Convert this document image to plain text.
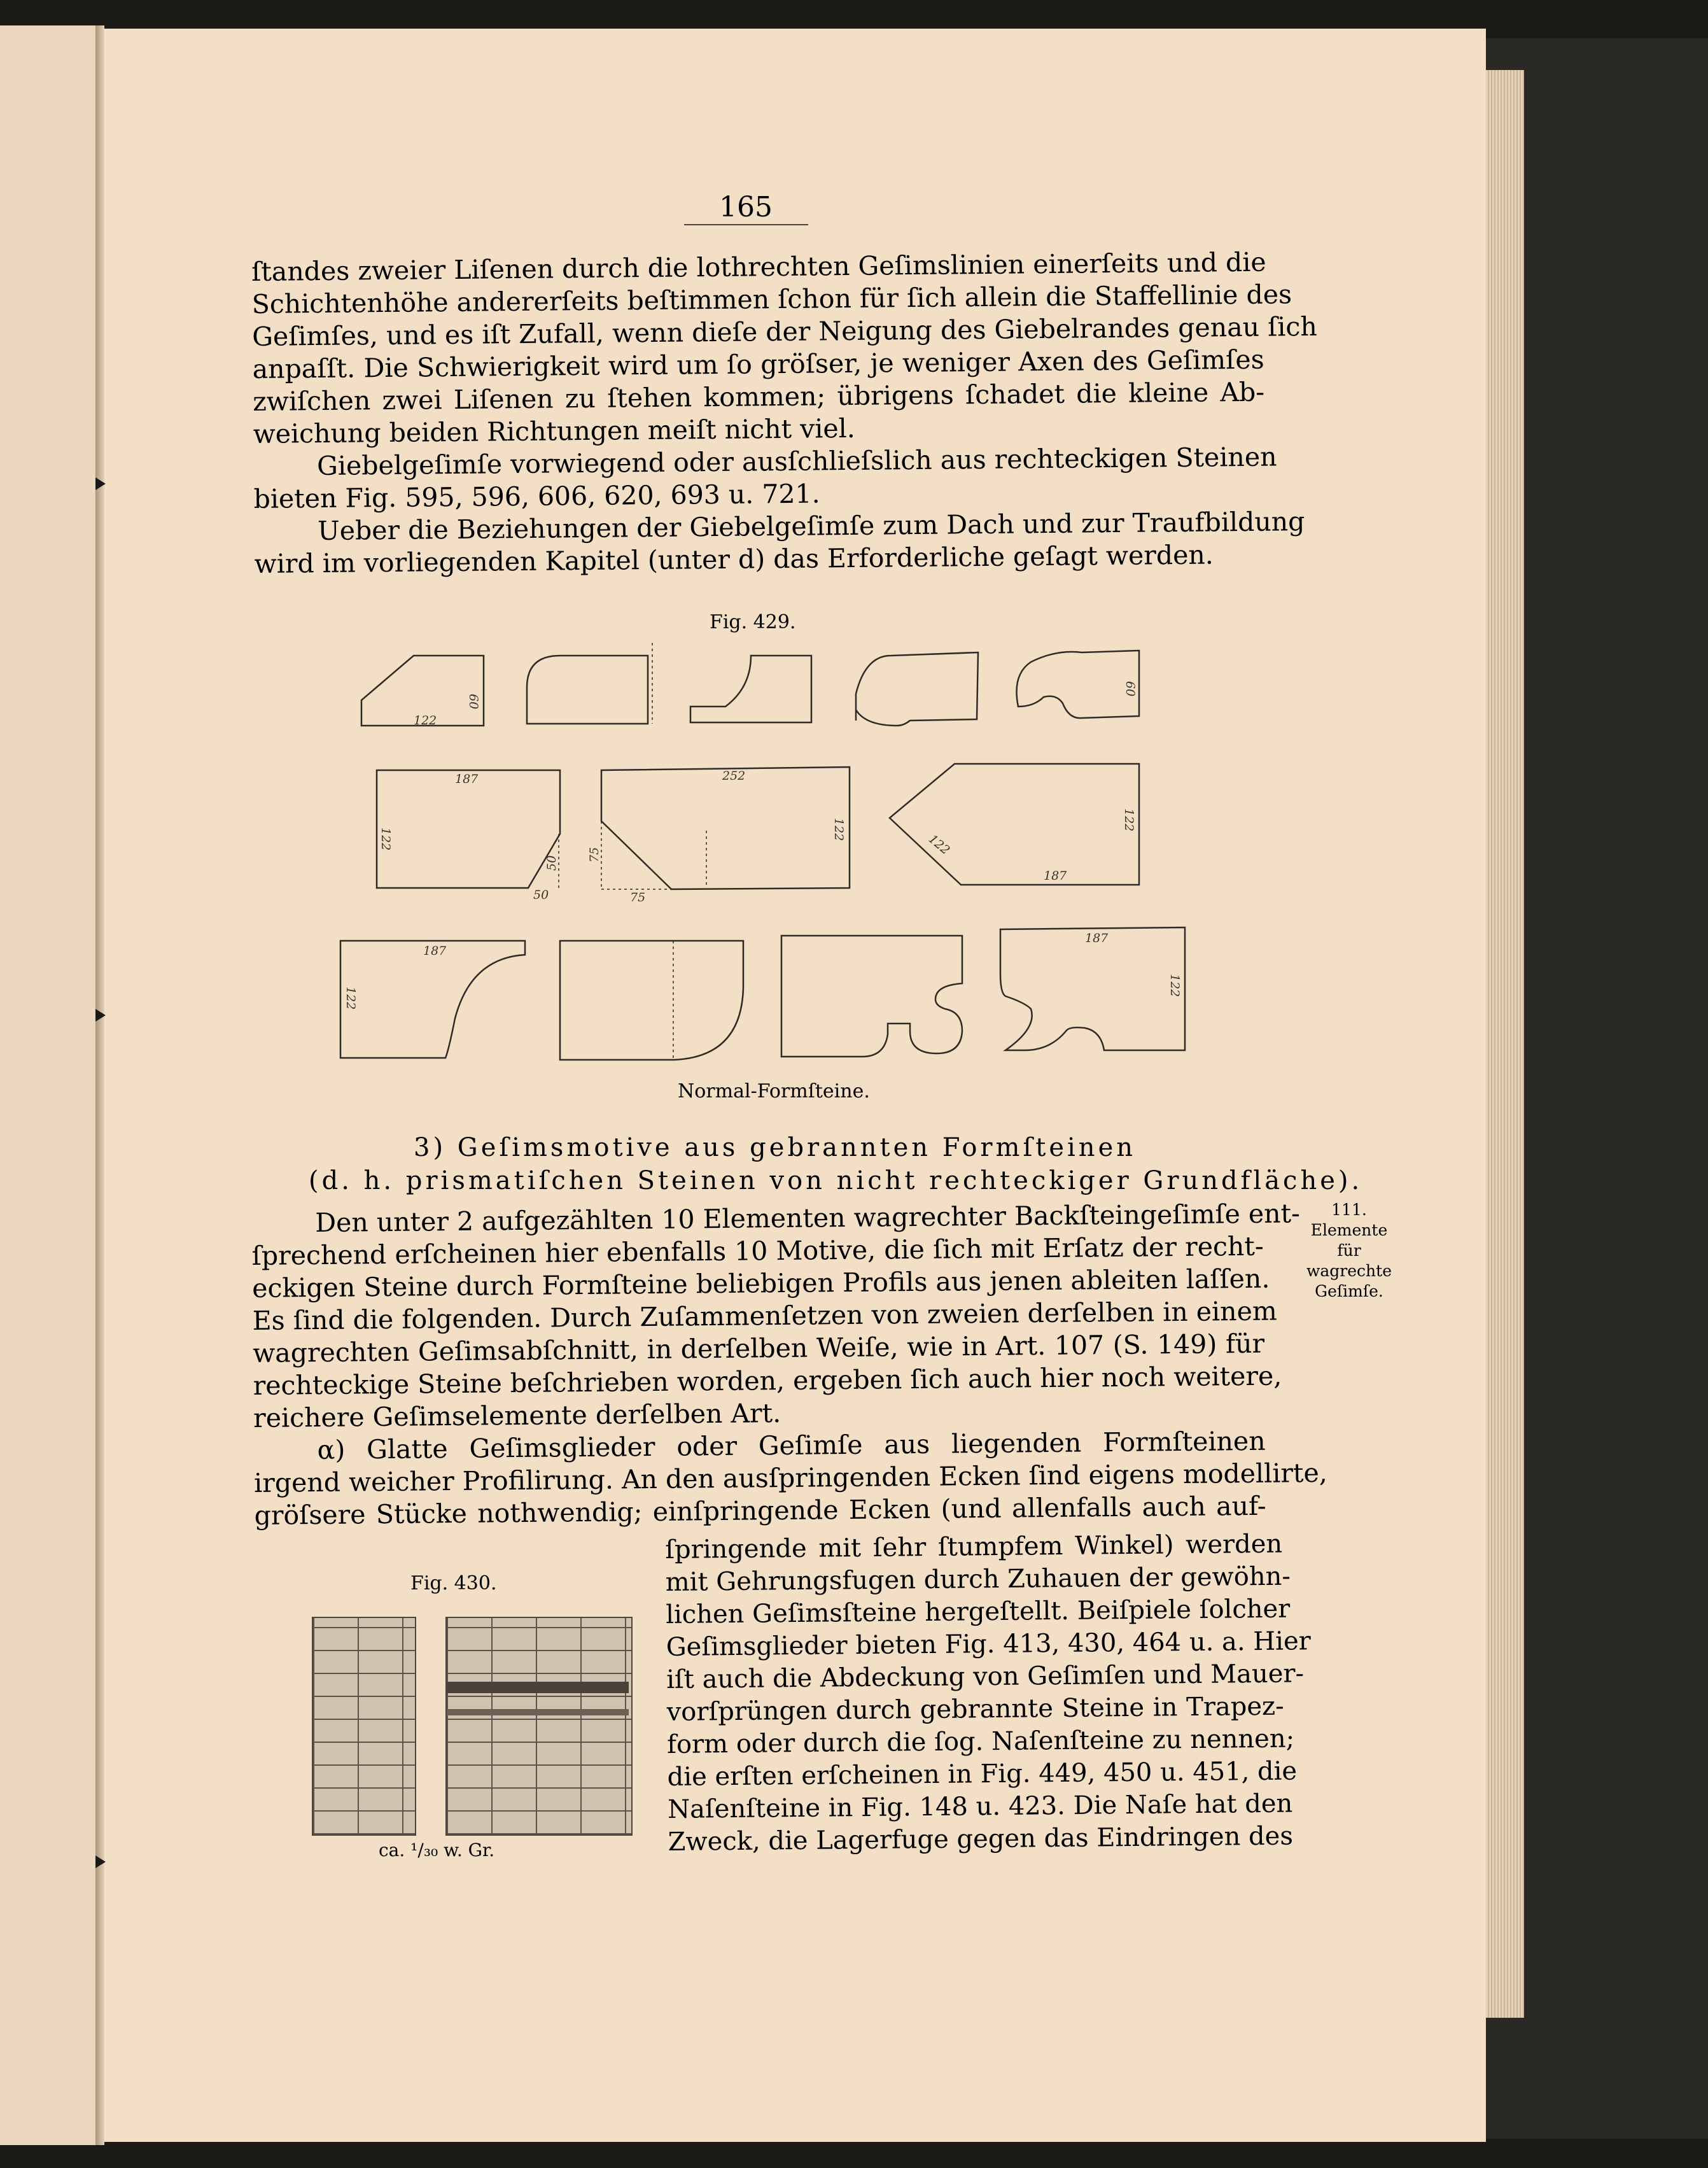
165
ſtandes zweier Liſenen durch die lothrechten Geſimslinien einerſeits und die
Schichtenhöhe andererſeits beſtimmen ſchon für ſich allein die Staffellinie des
Geſimſes, und es iſt Zufall, wenn dieſe der Neigung des Giebelrandes genau ſich
anpaſſt. Die Schwierigkeit wird um ſo gröſser, je weniger Axen des Geſimſes
zwiſchen zwei Liſenen zu ſtehen kommen; übrigens ſchadet die kleine Ab-
weichung beiden Richtungen meiſt nicht viel.
Giebelgeſimſe vorwiegend oder ausſchlieſslich aus rechteckigen Steinen
bieten Fig. 595, 596, 606, 620, 693 u. 721.
Ueber die Beziehungen der Giebelgeſimſe zum Dach und zur Traufbildung
wird im vorliegenden Kapitel (unter d) das Erforderliche geſagt werden.
Fig. 429.
60
122
60
187
122
50
50
252
75
75
122
122
122
187
187
122
187
122
Normal-Formſteine.
3) Geſimsmotive aus gebrannten Formſteinen
(d. h. prismatiſchen Steinen von nicht rechteckiger Grundfläche).
111.
Elemente
für
wagrechte
Geſimſe.
Den unter 2 aufgezählten 10 Elementen wagrechter Backſteingeſimſe ent-
ſprechend erſcheinen hier ebenfalls 10 Motive, die ſich mit Erſatz der recht-
eckigen Steine durch Formſteine beliebigen Profils aus jenen ableiten laſſen.
Es ſind die folgenden. Durch Zuſammenſetzen von zweien derſelben in einem
wagrechten Geſimsabſchnitt, in derſelben Weiſe, wie in Art. 107 (S. 149) für
rechteckige Steine beſchrieben worden, ergeben ſich auch hier noch weitere,
reichere Geſimselemente derſelben Art.
α) Glatte Geſimsglieder oder Geſimſe aus liegenden Formſteinen
irgend weicher Profilirung. An den ausſpringenden Ecken ſind eigens modellirte,
gröſsere Stücke nothwendig; einſpringende Ecken (und allenfalls auch auf-
ſpringende mit ſehr ſtumpfem Winkel) werden
mit Gehrungsfugen durch Zuhauen der gewöhn-
lichen Geſimsſteine hergeſtellt. Beiſpiele ſolcher
Geſimsglieder bieten Fig. 413, 430, 464 u. a. Hier
iſt auch die Abdeckung von Geſimſen und Mauer-
vorſprüngen durch gebrannte Steine in Trapez-
form oder durch die ſog. Naſenſteine zu nennen;
die erſten erſcheinen in Fig. 449, 450 u. 451, die
Naſenſteine in Fig. 148 u. 423. Die Naſe hat den
Zweck, die Lagerfuge gegen das Eindringen des
Fig. 430.
ca. ¹/₃₀ w. Gr.
